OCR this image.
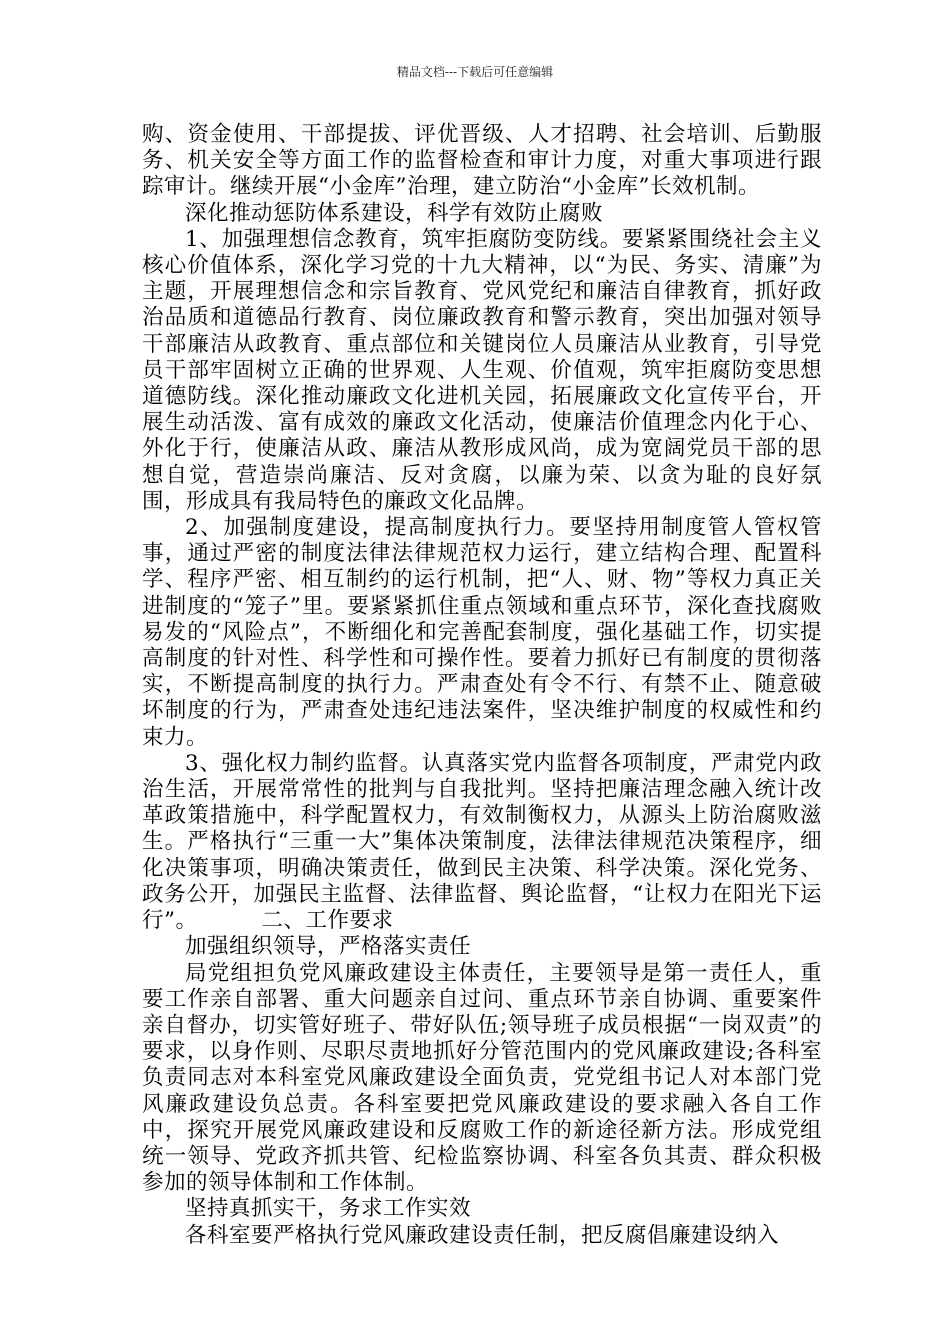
精品文档---下载后可任意编辑

购、资金使用、干部提拔、评优晋级、人才招聘、社会培训、后勤服务、机关安全等方面工作的监督检查和审计力度，对重大事项进行跟踪审计。继续开展“小金库”治理，建立防治“小金库”长效机制。

深化推动惩防体系建设，科学有效防止腐败

1、加强理想信念教育，筑牢拒腐防变防线。要紧紧围绕社会主义核心价值体系，深化学习党的十九大精神，以“为民、务实、清廉”为主题，开展理想信念和宗旨教育、党风党纪和廉洁自律教育，抓好政治品质和道德品行教育、岗位廉政教育和警示教育，突出加强对领导干部廉洁从政教育、重点部位和关键岗位人员廉洁从业教育，引导党员干部牢固树立正确的世界观、人生观、价值观，筑牢拒腐防变思想道德防线。深化推动廉政文化进机关园，拓展廉政文化宣传平台，开展生动活泼、富有成效的廉政文化活动，使廉洁价值理念内化于心、外化于行，使廉洁从政、廉洁从教形成风尚，成为宽阔党员干部的思想自觉，营造崇尚廉洁、反对贪腐，以廉为荣、以贪为耻的良好氛围，形成具有我局特色的廉政文化品牌。

2、加强制度建设，提高制度执行力。要坚持用制度管人管权管事，通过严密的制度法律法律规范权力运行，建立结构合理、配置科学、程序严密、相互制约的运行机制，把“人、财、物”等权力真正关进制度的“笼子”里。要紧紧抓住重点领域和重点环节，深化查找腐败易发的“风险点”，不断细化和完善配套制度，强化基础工作，切实提高制度的针对性、科学性和可操作性。要着力抓好已有制度的贯彻落实，不断提高制度的执行力。严肃查处有令不行、有禁不止、随意破坏制度的行为，严肃查处违纪违法案件，坚决维护制度的权威性和约束力。

3、强化权力制约监督。认真落实党内监督各项制度，严肃党内政治生活，开展常常性的批判与自我批判。坚持把廉洁理念融入统计改革政策措施中，科学配置权力，有效制衡权力，从源头上防治腐败滋生。严格执行“三重一大”集体决策制度，法律法律规范决策程序，细化决策事项，明确决策责任，做到民主决策、科学决策。深化党务、政务公开，加强民主监督、法律监督、舆论监督，“让权力在阳光下运行”。	二、工作要求

加强组织领导，严格落实责任

局党组担负党风廉政建设主体责任，主要领导是第一责任人，重要工作亲自部署、重大问题亲自过问、重点环节亲自协调、重要案件亲自督办，切实管好班子、带好队伍;领导班子成员根据“一岗双责”的要求，以身作则、尽职尽责地抓好分管范围内的党风廉政建设;各科室负责同志对本科室党风廉政建设全面负责，党党组书记人对本部门党风廉政建设负总责。各科室要把党风廉政建设的要求融入各自工作中，探究开展党风廉政建设和反腐败工作的新途径新方法。形成党组统一领导、党政齐抓共管、纪检监察协调、科室各负其责、群众积极参加的领导体制和工作体制。

坚持真抓实干，务求工作实效

各科室要严格执行党风廉政建设责任制，把反腐倡廉建设纳入
